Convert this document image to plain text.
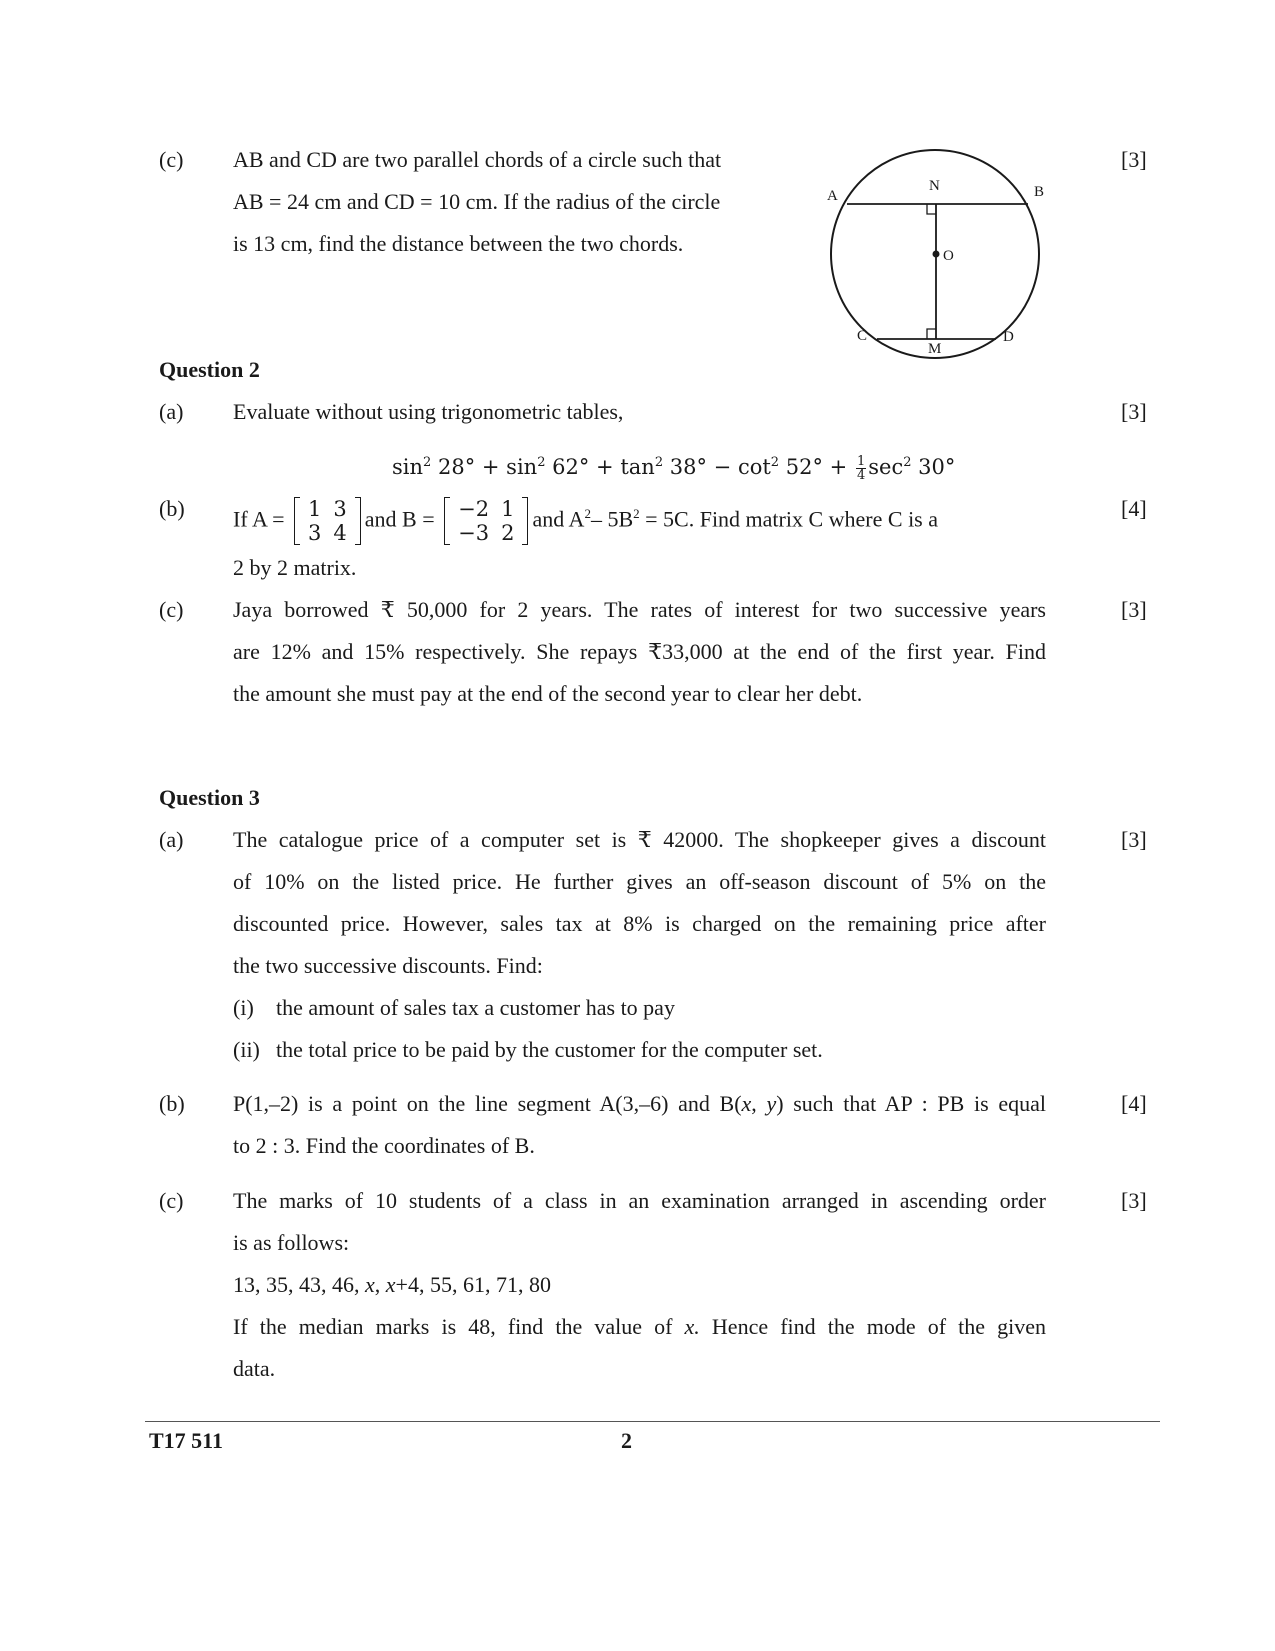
(c)	[3]
AB and CD are two parallel chords of a circle such that
AB = 24 cm and CD = 10 cm. If the radius of the circle
is 13 cm, find the distance between the two chords.
A	B
N
O
C	D
M
Question 2
(a)	[3]
Evaluate without using trigonometric tables,
$\sin^2 28^\circ + \sin^2 62^\circ + \tan^2 38^\circ - \cot^2 52^\circ + \frac{1}{4} \sec^2 30^\circ$
(b)	[4]
If A = 1	3
3	4
and B = −2	1
−3	2
and $A^2-$ $5B^2 = 5C$. Find matrix C where C is a
2 by 2 matrix.
(c)	[3]
Jaya borrowed ₹ 50,000 for 2 years. The rates of interest for two successive years
are 12% and 15% respectively. She repays ₹33,000 at the end of the first year. Find
the amount she must pay at the end of the second year to clear her debt.
Question 3
(a)	[3]
The catalogue price of a computer set is ₹ 42000. The shopkeeper gives a discount
of 10% on the listed price. He further gives an off-season discount of 5% on the
discounted price. However, sales tax at 8% is charged on the remaining price after
the two successive discounts. Find:
(i) the amount of sales tax a customer has to pay
(ii) the total price to be paid by the customer for the computer set.
(b)	[4]
P(1,–2) is a point on the line segment A(3,–6) and B(x, y) such that AP : PB is equal
to 2 : 3. Find the coordinates of B.
(c)	[3]
The marks of 10 students of a class in an examination arranged in ascending order
is as follows:
13, 35, 43, 46, x, x+4, 55, 61, 71, 80
If the median marks is 48, find the value of x. Hence find the mode of the given
data.
T17 511	2
